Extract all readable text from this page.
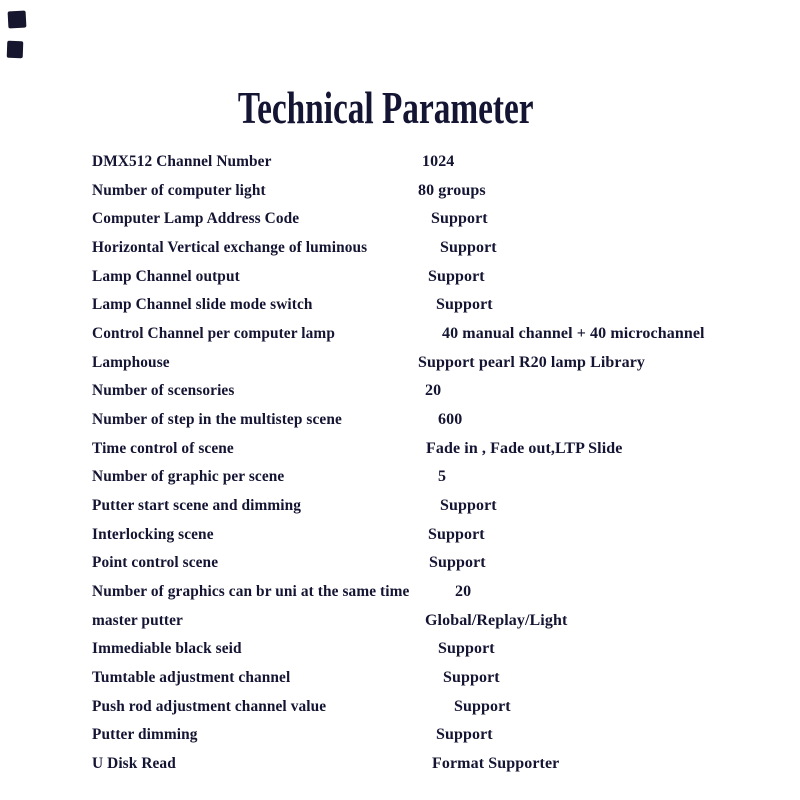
Technical Parameter
DMX512 Channel Number	1024
Number of computer light	80 groups
Computer Lamp Address Code	Support
Horizontal Vertical exchange of luminous	Support
Lamp Channel output	Support
Lamp Channel slide mode switch	Support
Control Channel per computer lamp	40 manual channel + 40 microchannel
Lamphouse	Support pearl R20 lamp Library
Number of scensories	20
Number of step in the multistep scene	600
Time control of scene	Fade in , Fade out,LTP Slide
Number of graphic per scene	5
Putter start scene and dimming	Support
Interlocking scene	Support
Point control scene	Support
Number of graphics can br uni at the same time	20
master putter	Global/Replay/Light
Immediable black seid	Support
Tumtable adjustment channel	Support
Push rod adjustment channel value	Support
Putter dimming	Support
U Disk Read	Format Supporter
